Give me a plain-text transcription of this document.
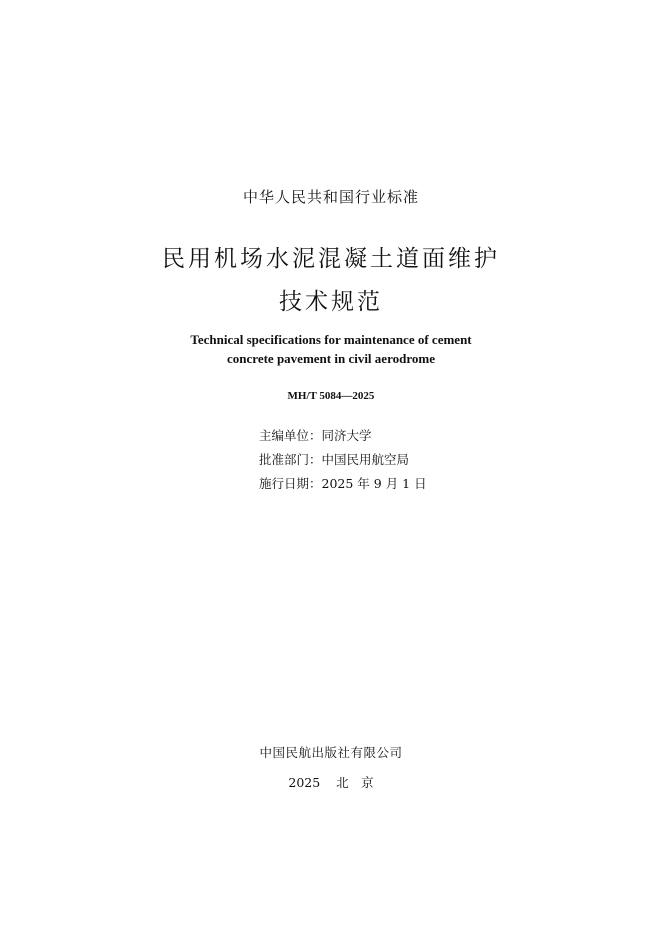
中华人民共和国行业标准
民用机场水泥混凝土道面维护
技术规范
Technical specifications for maintenance of cement
concrete pavement in civil aerodrome
MH/T 5084—2025
主编单位：同济大学
批准部门：中国民用航空局
施行日期：2025 年 9 月 1 日
中国民航出版社有限公司
2025 北　京
